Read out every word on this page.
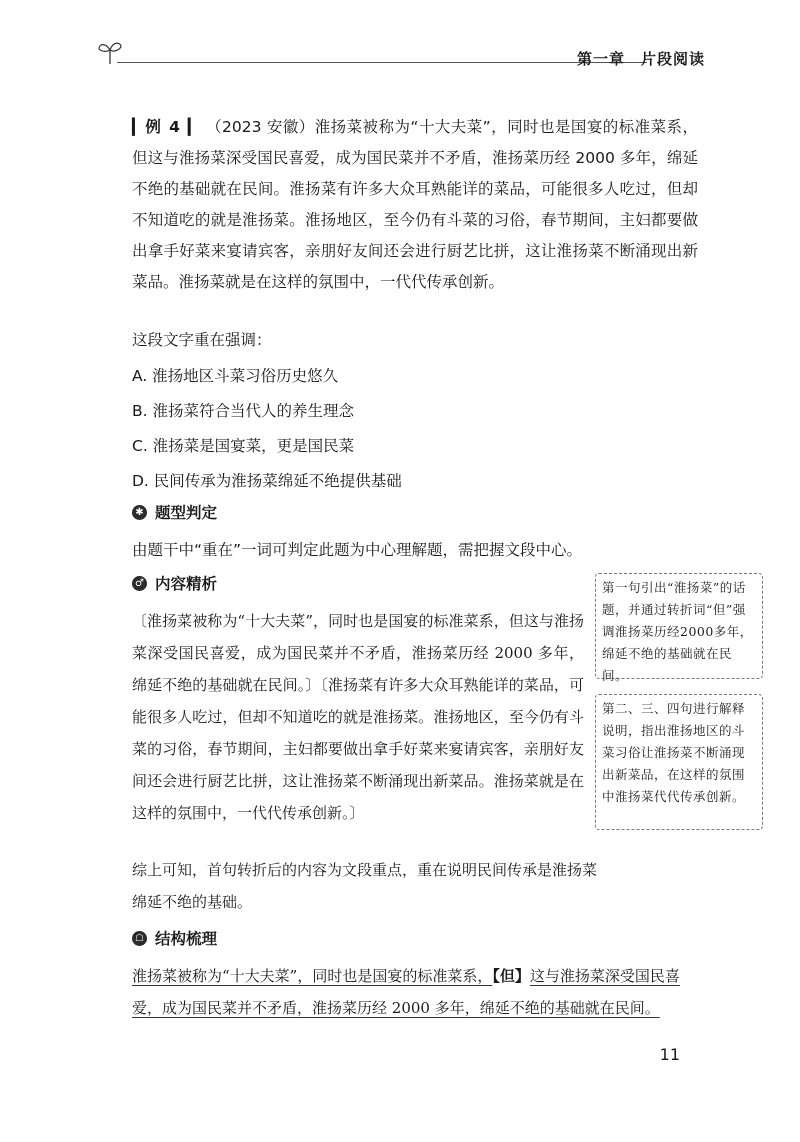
第一章　片段阅读

▎例 4 ▎ （2023 安徽）淮扬菜被称为“十大夫菜”，同时也是国宴的标准菜系，但这与淮扬菜深受国民喜爱，成为国民菜并不矛盾，淮扬菜历经 2000 多年，绵延不绝的基础就在民间。淮扬菜有许多大众耳熟能详的菜品，可能很多人吃过，但却不知道吃的就是淮扬菜。淮扬地区，至今仍有斗菜的习俗，春节期间，主妇都要做出拿手好菜来宴请宾客，亲朋好友间还会进行厨艺比拼，这让淮扬菜不断涌现出新菜品。淮扬菜就是在这样的氛围中，一代代传承创新。

这段文字重在强调：
A. 淮扬地区斗菜习俗历史悠久
B. 淮扬菜符合当代人的养生理念
C. 淮扬菜是国宴菜，更是国民菜
D. 民间传承为淮扬菜绵延不绝提供基础
✱ 题型判定
由题干中“重在”一词可判定此题为中心理解题，需把握文段中心。
♂ 内容精析

〔淮扬菜被称为“十大夫菜”，同时也是国宴的标准菜系，但这与淮扬菜深受国民喜爱，成为国民菜并不矛盾，淮扬菜历经 2000 多年，绵延不绝的基础就在民间。〕〔淮扬菜有许多大众耳熟能详的菜品，可能很多人吃过，但却不知道吃的就是淮扬菜。淮扬地区，至今仍有斗菜的习俗，春节期间，主妇都要做出拿手好菜来宴请宾客，亲朋好友间还会进行厨艺比拼，这让淮扬菜不断涌现出新菜品。淮扬菜就是在这样的氛围中，一代代传承创新。〕

第一句引出“淮扬菜”的话题，并通过转折词“但”强调淮扬菜历经2000多年，绵延不绝的基础就在民间。
第二、三、四句进行解释说明，指出淮扬地区的斗菜习俗让淮扬菜不断涌现出新菜品，在这样的氛围中淮扬菜代代传承创新。

综上可知，首句转折后的内容为文段重点，重在说明民间传承是淮扬菜绵延不绝的基础。

☖ 结构梳理

淮扬菜被称为“十大夫菜”，同时也是国宴的标准菜系，【但】这与淮扬菜深受国民喜爱，成为国民菜并不矛盾，淮扬菜历经 2000 多年，绵延不绝的基础就在民间。

11
